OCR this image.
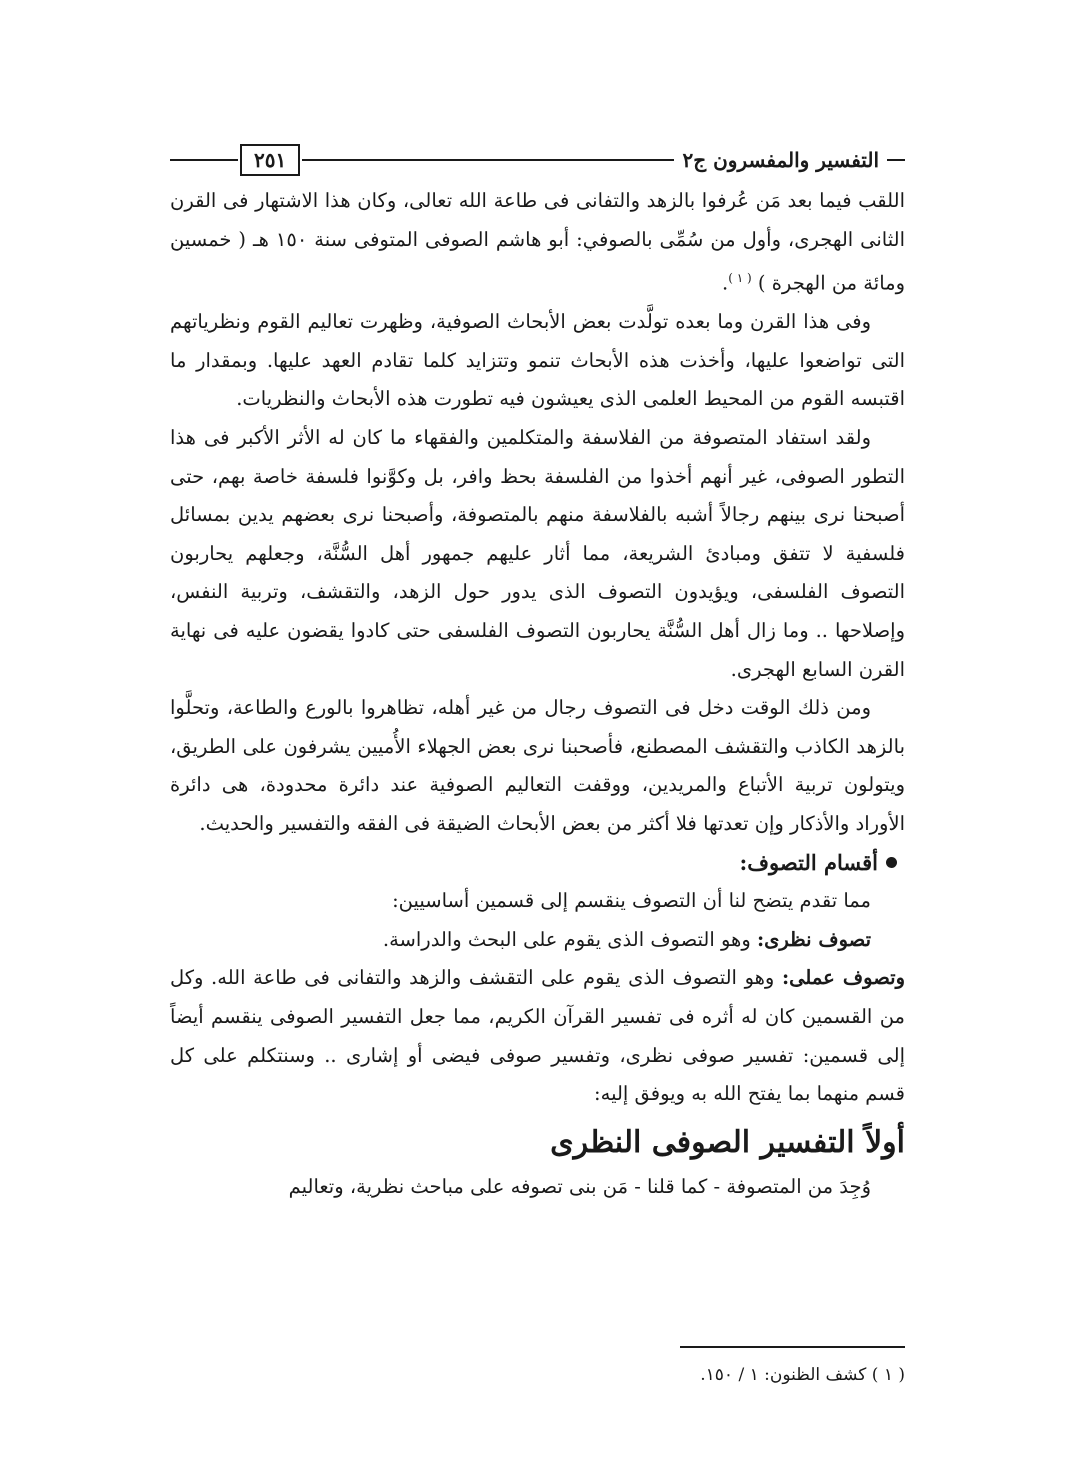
التفسير والمفسرون ج٢
٢٥١

اللقب فيما بعد مَن عُرفوا بالزهد والتفانى فى طاعة الله تعالى، وكان هذا الاشتهار فى القرن الثانى الهجرى، وأول من سُمِّى بالصوفي: أبو هاشم الصوفى المتوفى سنة ١٥٠ هـ ( خمسين ومائة من الهجرة ) $^{( ١ )}$.

وفى هذا القرن وما بعده تولَّدت بعض الأبحاث الصوفية، وظهرت تعاليم القوم ونظرياتهم التى تواضعوا عليها، وأخذت هذه الأبحاث تنمو وتتزايد كلما تقادم العهد عليها. وبمقدار ما اقتبسه القوم من المحيط العلمى الذى يعيشون فيه تطورت هذه الأبحاث والنظريات.

ولقد استفاد المتصوفة من الفلاسفة والمتكلمين والفقهاء ما كان له الأثر الأكبر فى هذا التطور الصوفى، غير أنهم أخذوا من الفلسفة بحظ وافر، بل وكوَّنوا فلسفة خاصة بهم، حتى أصبحنا نرى بينهم رجالاً أشبه بالفلاسفة منهم بالمتصوفة، وأصبحنا نرى بعضهم يدين بمسائل فلسفية لا تتفق ومبادئ الشريعة، مما أثار عليهم جمهور أهل السُّنَّة، وجعلهم يحاربون التصوف الفلسفى، ويؤيدون التصوف الذى يدور حول الزهد، والتقشف، وتربية النفس، وإصلاحها .. وما زال أهل السُّنَّة يحاربون التصوف الفلسفى حتى كادوا يقضون عليه فى نهاية القرن السابع الهجرى.

ومن ذلك الوقت دخل فى التصوف رجال من غير أهله، تظاهروا بالورع والطاعة، وتحلَّوا بالزهد الكاذب والتقشف المصطنع، فأصحبنا نرى بعض الجهلاء الأُميين يشرفون على الطريق، ويتولون تربية الأتباع والمريدين، ووقفت التعاليم الصوفية عند دائرة محدودة، هى دائرة الأوراد والأذكار وإن تعدتها فلا أكثر من بعض الأبحاث الضيقة فى الفقه والتفسير والحديث.

أقسام التصوف:

مما تقدم يتضح لنا أن التصوف ينقسم إلى قسمين أساسيين:

تصوف نظرى: وهو التصوف الذى يقوم على البحث والدراسة.

وتصوف عملى: وهو التصوف الذى يقوم على التقشف والزهد والتفانى فى طاعة الله. وكل من القسمين كان له أثره فى تفسير القرآن الكريم، مما جعل التفسير الصوفى ينقسم أيضاً إلى قسمين: تفسير صوفى نظرى، وتفسير صوفى فيضى أو إشارى .. وسنتكلم على كل قسم منهما بما يفتح الله به ويوفق إليه:

أولاً التفسير الصوفى النظرى

وُجِدَ من المتصوفة - كما قلنا - مَن بنى تصوفه على مباحث نظرية، وتعاليم

( ١ ) كشف الظنون: ١ / ١٥٠.
